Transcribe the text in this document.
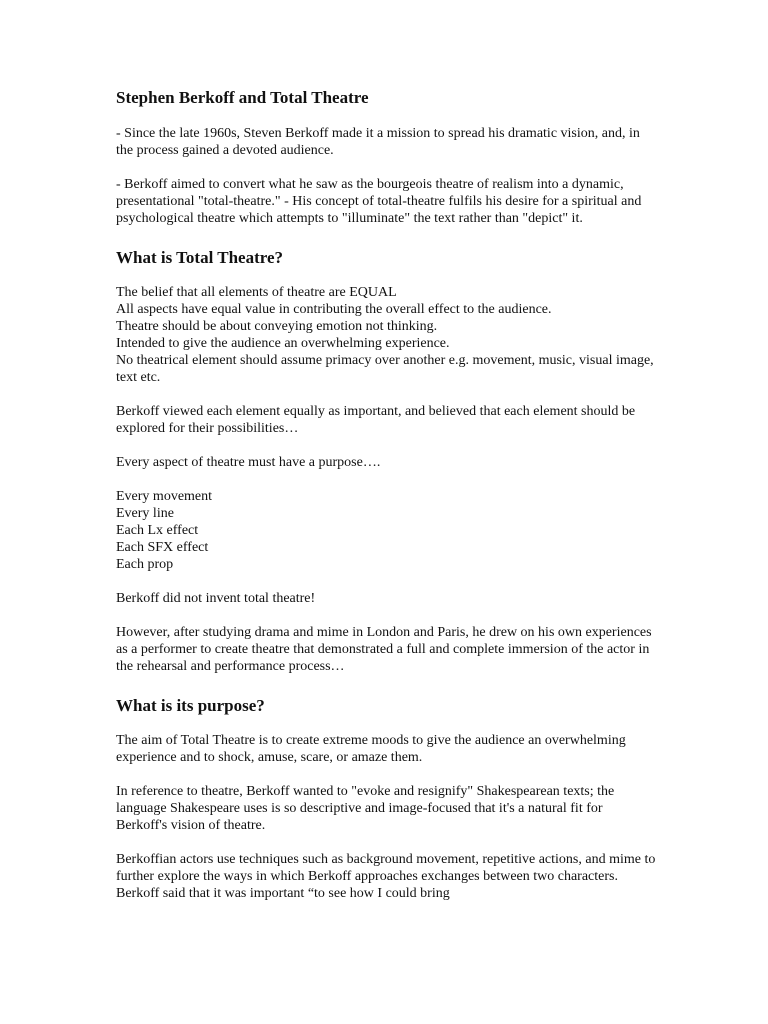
Stephen Berkoff and Total Theatre

- Since the late 1960s, Steven Berkoff made it a mission to spread his dramatic vision, and, in the process gained a devoted audience.

- Berkoff aimed to convert what he saw as the bourgeois theatre of realism into a dynamic, presentational "total-theatre." - His concept of total-theatre fulfils his desire for a spiritual and psychological theatre which attempts to "illuminate" the text rather than "depict" it.

What is Total Theatre?

The belief that all elements of theatre are EQUAL
All aspects have equal value in contributing the overall effect to the audience.
Theatre should be about conveying emotion not thinking.
Intended to give the audience an overwhelming experience.
No theatrical element should assume primacy over another e.g. movement, music, visual image, text etc.

Berkoff viewed each element equally as important, and believed that each element should be explored for their possibilities…

Every aspect of theatre must have a purpose….

Every movement
Every line
Each Lx effect
Each SFX effect
Each prop

Berkoff did not invent total theatre!

However, after studying drama and mime in London and Paris, he drew on his own experiences as a performer to create theatre that demonstrated a full and complete immersion of the actor in the rehearsal and performance process…

What is its purpose?

The aim of Total Theatre is to create extreme moods to give the audience an overwhelming experience and to shock, amuse, scare, or amaze them.

In reference to theatre, Berkoff wanted to "evoke and resignify" Shakespearean texts; the language Shakespeare uses is so descriptive and image-focused that it's a natural fit for Berkoff's vision of theatre.

Berkoffian actors use techniques such as background movement, repetitive actions, and mime to further explore the ways in which Berkoff approaches exchanges between two characters. Berkoff said that it was important “to see how I could bring
